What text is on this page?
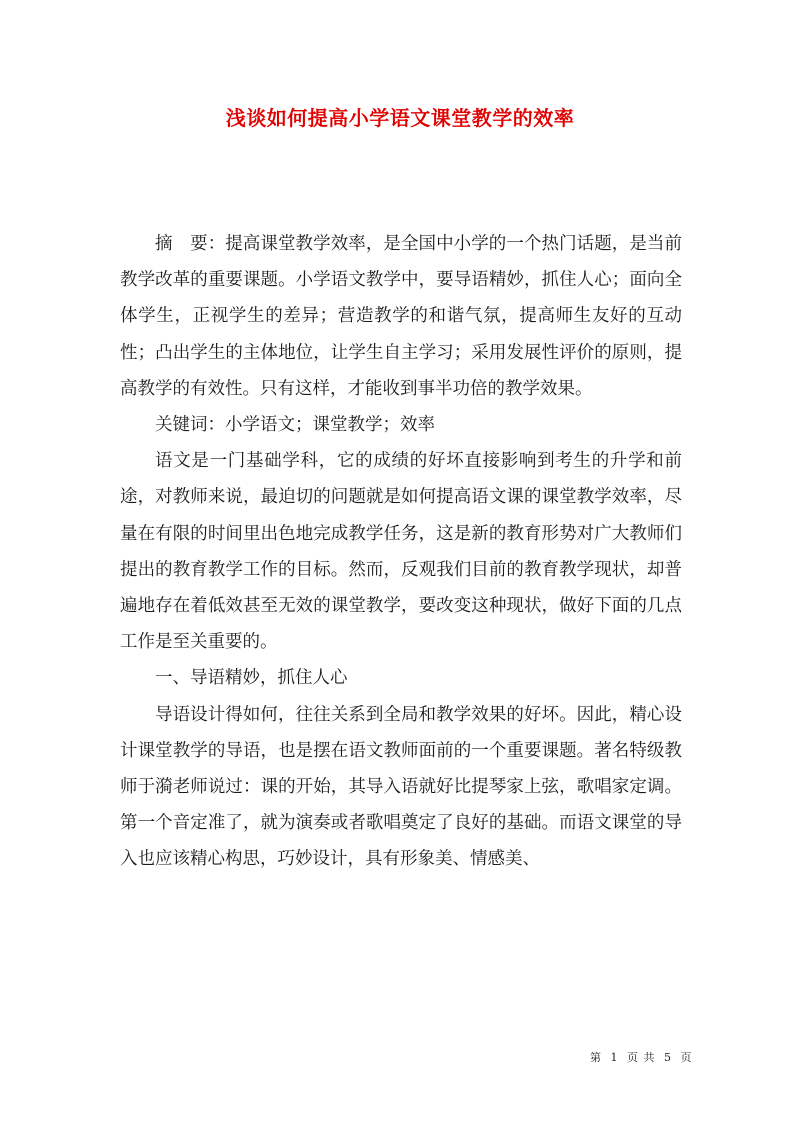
浅谈如何提高小学语文课堂教学的效率

摘　要：提高课堂教学效率，是全国中小学的一个热门话题，是当前教学改革的重要课题。小学语文教学中，要导语精妙，抓住人心；面向全体学生，正视学生的差异；营造教学的和谐气氛，提高师生友好的互动性；凸出学生的主体地位，让学生自主学习；采用发展性评价的原则，提高教学的有效性。只有这样，才能收到事半功倍的教学效果。

关键词：小学语文；课堂教学；效率

语文是一门基础学科，它的成绩的好坏直接影响到考生的升学和前途，对教师来说，最迫切的问题就是如何提高语文课的课堂教学效率，尽量在有限的时间里出色地完成教学任务，这是新的教育形势对广大教师们提出的教育教学工作的目标。然而，反观我们目前的教育教学现状，却普遍地存在着低效甚至无效的课堂教学，要改变这种现状，做好下面的几点工作是至关重要的。

一、导语精妙，抓住人心

导语设计得如何，往往关系到全局和教学效果的好坏。因此，精心设计课堂教学的导语，也是摆在语文教师面前的一个重要课题。著名特级教师于漪老师说过：课的开始，其导入语就好比提琴家上弦，歌唱家定调。第一个音定准了，就为演奏或者歌唱奠定了良好的基础。而语文课堂的导入也应该精心构思，巧妙设计，具有形象美、情感美、

第 1 页 共 5 页
